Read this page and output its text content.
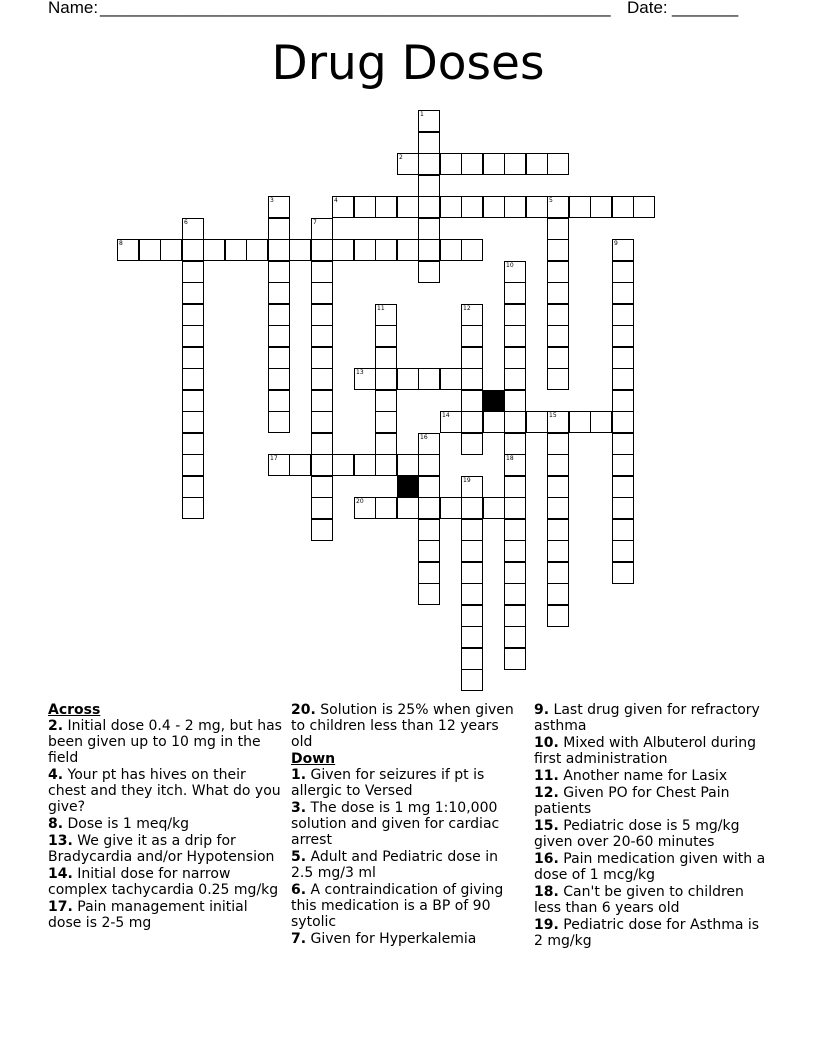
Name: ______________________________________________________ Date: _______
Drug Doses
1
2
3	4	5
6	7
8	9
10
18
11	12
13
14	15
16
17
19
20
Across
2. Initial dose 0.4 - 2 mg, but has been given up to 10 mg in the field
4. Your pt has hives on their chest and they itch. What do you give?
8. Dose is 1 meq/kg
13. We give it as a drip for Bradycardia and/or Hypotension
14. Initial dose for narrow complex tachycardia 0.25 mg/kg
17. Pain management initial dose is 2-5 mg
20. Solution is 25% when given to children less than 12 years old
Down
1. Given for seizures if pt is allergic to Versed
3. The dose is 1 mg 1:10,000 solution and given for cardiac arrest
5. Adult and Pediatric dose in 2.5 mg/3 ml
6. A contraindication of giving this medication is a BP of 90 sytolic
7. Given for Hyperkalemia
9. Last drug given for refractory asthma
10. Mixed with Albuterol during first administration
11. Another name for Lasix
12. Given PO for Chest Pain patients
15. Pediatric dose is 5 mg/kg given over 20-60 minutes
16. Pain medication given with a dose of 1 mcg/kg
18. Can't be given to children less than 6 years old
19. Pediatric dose for Asthma is 2 mg/kg
